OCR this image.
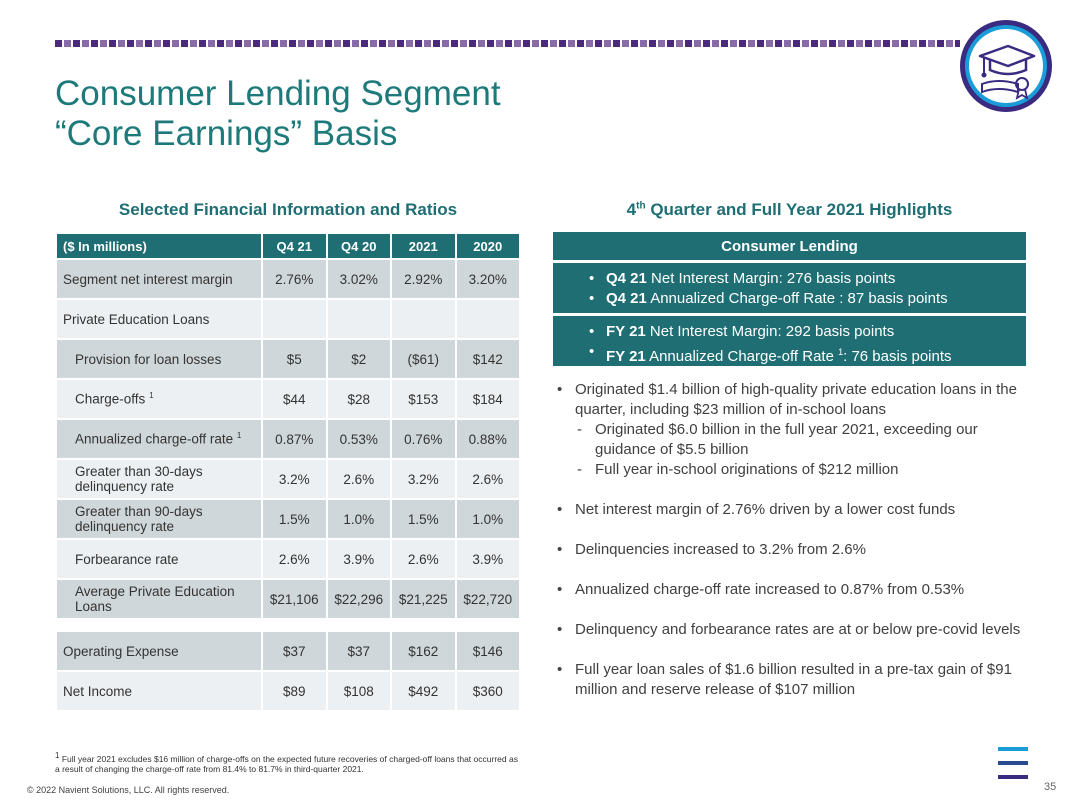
Consumer Lending Segment
“Core Earnings” Basis
Selected Financial Information and Ratios	4th Quarter and Full Year 2021 Highlights
($ In millions)	Q4 21	Q4 20	2021	2020
Segment net interest margin	2.76%	3.02%	2.92%	3.20%
Private Education Loans				
Provision for loan losses	$5	$2	($61)	$142
Charge-offs $^1$	$44	$28	$153	$184
Annualized charge-off rate $^1$	0.87%	0.53%	0.76%	0.88%
Greater than 30-days delinquency rate	3.2%	2.6%	3.2%	2.6%
Greater than 90-days delinquency rate	1.5%	1.0%	1.5%	1.0%
Forbearance rate	2.6%	3.9%	2.6%	3.9%
Average Private Education Loans	$21,106	$22,296	$21,225	$22,720

Operating Expense	$37	$37	$162	$146
Net Income	$89	$108	$492	$360
$^1$ Full year 2021 excludes $16 million of charge-offs on the expected future recoveries of charged-off loans that occurred as a result of changing the charge-off rate from 81.4% to 81.7% in third-quarter 2021.
Consumer Lending
• Q4 21 Net Interest Margin: 276 basis points
• Q4 21 Annualized Charge-off Rate : 87 basis points
• FY 21 Net Interest Margin: 292 basis points
• FY 21 Annualized Charge-off Rate $^1$: 76 basis points
• Originated $1.4 billion of high-quality private education loans in the quarter, including $23 million of in-school loans
- Originated $6.0 billion in the full year 2021, exceeding our guidance of $5.5 billion
- Full year in-school originations of $212 million
• Net interest margin of 2.76% driven by a lower cost funds
• Delinquencies increased to 3.2% from 2.6%
• Annualized charge-off rate increased to 0.87% from 0.53%
• Delinquency and forbearance rates are at or below pre-covid levels
• Full year loan sales of $1.6 billion resulted in a pre-tax gain of $91 million and reserve release of $107 million
© 2022 Navient Solutions, LLC. All rights reserved.	35
